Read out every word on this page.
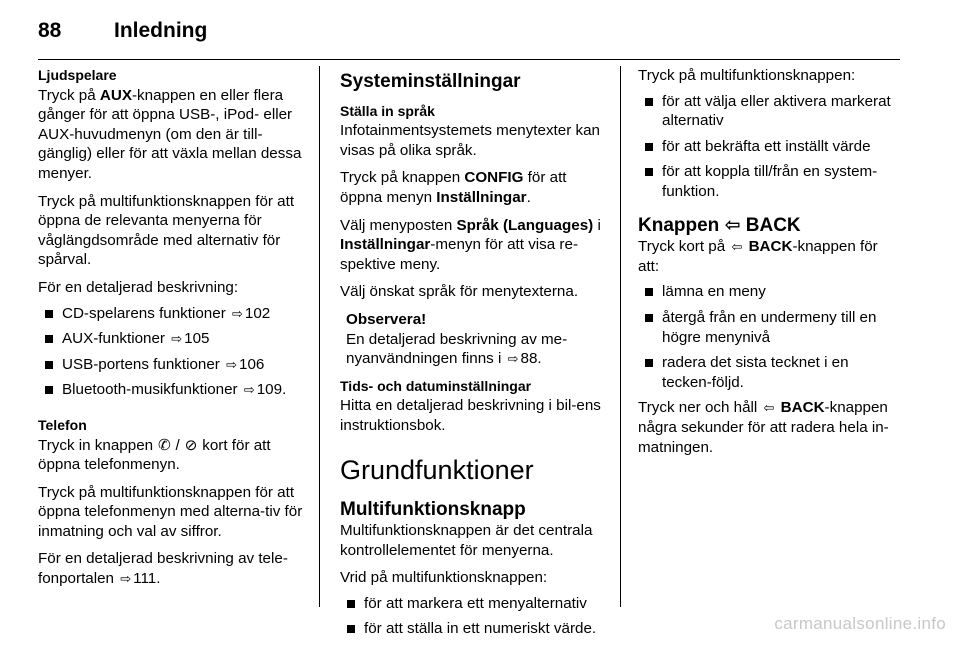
88	Inledning
Ljudspelare

Tryck på AUX-knappen en eller flera gånger för att öppna USB-, iPod- eller AUX-huvudmenyn (om den är till-gänglig) eller för att växla mellan dessa menyer.

Tryck på multifunktionsknappen för att öppna de relevanta menyerna för våglängdsområde med alternativ för spårval.

För en detaljerad beskrivning:

CD-spelarens funktioner ⇨ 102
AUX-funktioner ⇨ 105
USB-portens funktioner ⇨ 106
Bluetooth-musikfunktioner ⇨ 109.
Telefon

Tryck in knappen ✆ / ⊘ kort för att öppna telefonmenyn.

Tryck på multifunktionsknappen för att öppna telefonmenyn med alterna-tiv för inmatning och val av siffror.

För en detaljerad beskrivning av tele-fonportalen ⇨ 111.

Systeminställningar
Ställa in språk

Infotainmentsystemets menytexter kan visas på olika språk.

Tryck på knappen CONFIG för att öppna menyn Inställningar.

Välj menyposten Språk (Languages) i Inställningar-menyn för att visa re-spektive meny.

Välj önskat språk för menytexterna.

Observera!
En detaljerad beskrivning av me-nyanvändningen finns i ⇨ 88.
Tids- och datuminställningar

Hitta en detaljerad beskrivning i bil-ens instruktionsbok.

Grundfunktioner
Multifunktionsknapp

Multifunktionsknappen är det centrala kontrollelementet för menyerna.

Vrid på multifunktionsknappen:

för att markera ett menyalternativ
för att ställa in ett numeriskt värde.

Tryck på multifunktionsknappen:

för att välja eller aktivera markerat alternativ
för att bekräfta ett inställt värde
för att koppla till/från en system-funktion.
Knappen ⇦ BACK

Tryck kort på ⇦ BACK-knappen för att:

lämna en meny
återgå från en undermeny till en högre menynivå
radera det sista tecknet i en tecken-följd.

Tryck ner och håll ⇦ BACK-knappen några sekunder för att radera hela in-matningen.

carmanualsonline.info
